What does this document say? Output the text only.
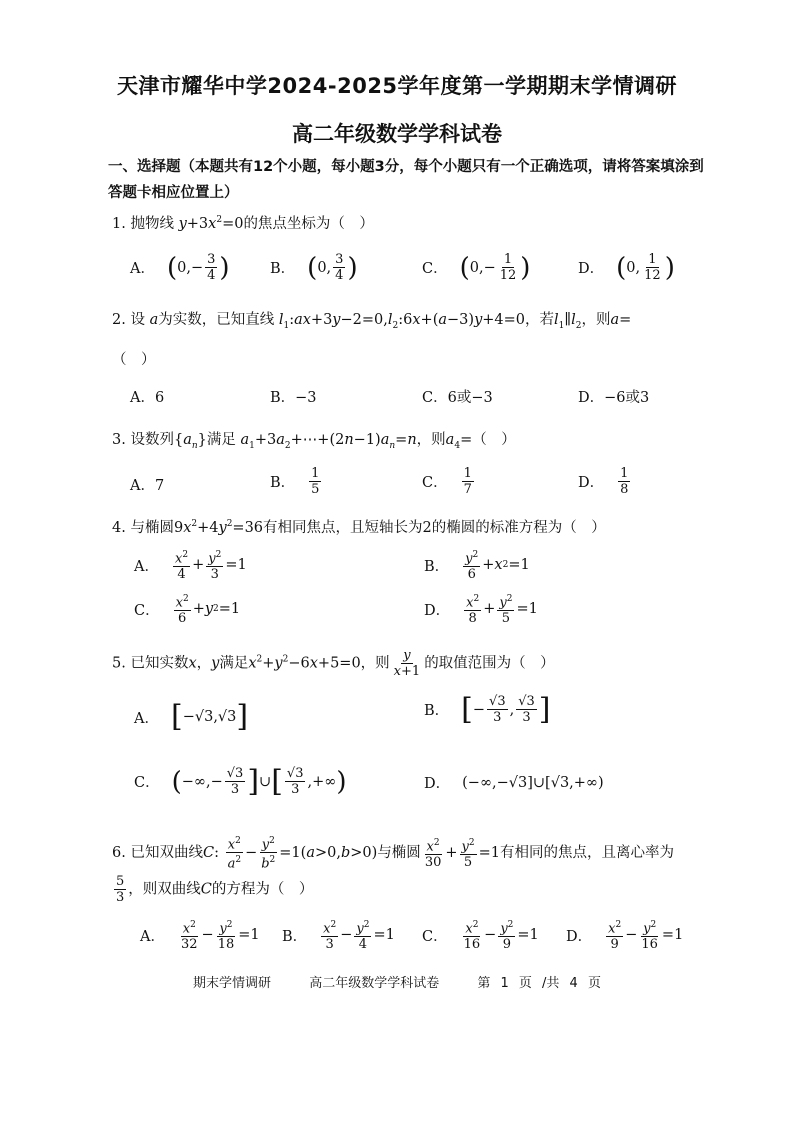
天津市耀华中学2024-2025学年度第一学期期末学情调研
高二年级数学学科试卷
一、选择题（本题共有12个小题，每小题3分，每个小题只有一个正确选项，请将答案填涂到答题卡相应位置上）
1. 抛物线 $y+3x^2=0$的焦点坐标为（　）
A． ( $0,- \frac{3}{4}$ )	B． ( 0, $\frac{3}{4}$ )	C． ( $0,- \frac{1}{12}$ )	D． ( 0, $\frac{1}{12}$ )
2. 设 a为实数，已知直线 $l_1:ax+3y-2=0,l_2:6x+(a-3)y+4=0$，若$l_1\parallel l_2$，则a=
（　）
A．6	B．−3	C．6或−3	D．−6或3
3. 设数列$\{a_n\}$满足 $a_1+3a_2+\cdots+(2n-1)a_n=n$，则$a_4=$（　）
A．7	B． $\frac{1}{5}$	C． $\frac{1}{7}$	D． $\frac{1}{8}$
4. 与椭圆$9x^2+4y^2=36$有相同焦点，且短轴长为2的椭圆的标准方程为（　）
A． $\frac{x^2}{4} + \frac{y^2}{3} =1$	B． $\frac{y^2}{6} + x$ 2 =1
C． $\frac{x^2}{6} + y$ 2 =1	D． $\frac{x^2}{8} + \frac{y^2}{5} =1$
5. 已知实数x，y满足$x^2+y^2-6x+5=0$，则 $\frac{y}{x+1}$ 的取值范围为（　）
A． [ −√3,√3 ]	B． [ − $\frac{√3}{3}$ , $\frac{√3}{3}$ ]
C． ( −∞,− $\frac{√3}{3}$ ] ∪ [ $\frac{√3}{3}$ ,+∞ )	D． (−∞,−√3]∪[√3,+∞)
6. 已知双曲线C: $\frac{x^2}{a^2} - \frac{y^2}{b^2} =1(a>0,b>0)$与椭圆 $\frac{x^2}{30} + \frac{y^2}{5} =1$有相同的焦点，且离心率为
$\frac{5}{3}$ ，则双曲线C的方程为（　）
A． $\frac{x^2}{32} - \frac{y^2}{18} =1$ B． $\frac{x^2}{3} - \frac{y^2}{4} =1$ C． $\frac{x^2}{16} - \frac{y^2}{9} =1$ D． $\frac{x^2}{9} - \frac{y^2}{16} =1$
期末学情调研	高二年级数学学科试卷	第 1 页 /共 4 页
